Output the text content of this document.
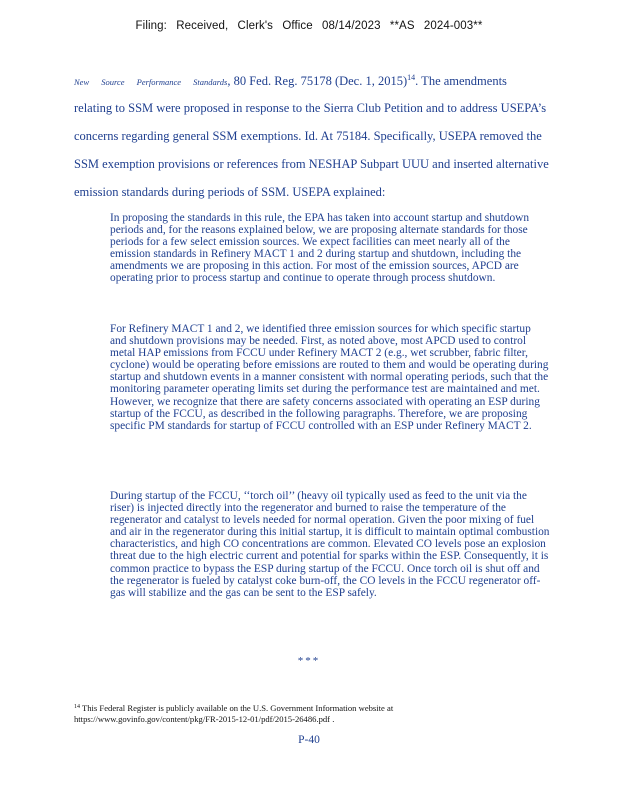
Filing: Received, Clerk's Office 08/14/2023 **AS 2024-003**
New Source Performance Standards, 80 Fed. Reg. 75178 (Dec. 1, 2015)$^{14}$. The amendments
relating to SSM were proposed in response to the Sierra Club Petition and to address USEPA’s
concerns regarding general SSM exemptions. Id. At 75184. Specifically, USEPA removed the
SSM exemption provisions or references from NESHAP Subpart UUU and inserted alternative
emission standards during periods of SSM. USEPA explained:

In proposing the standards in this rule, the EPA has taken into account startup and shutdown periods and, for the reasons explained below, we are proposing alternate standards for those periods for a few select emission sources. We expect facilities can meet nearly all of the emission standards in Refinery MACT 1 and 2 during startup and shutdown, including the amendments we are proposing in this action. For most of the emission sources, APCD are operating prior to process startup and continue to operate through process shutdown.

For Refinery MACT 1 and 2, we identified three emission sources for which specific startup and shutdown provisions may be needed. First, as noted above, most APCD used to control metal HAP emissions from FCCU under Refinery MACT 2 (e.g., wet scrubber, fabric filter, cyclone) would be operating before emissions are routed to them and would be operating during startup and shutdown events in a manner consistent with normal operating periods, such that the monitoring parameter operating limits set during the performance test are maintained and met. However, we recognize that there are safety concerns associated with operating an ESP during startup of the FCCU, as described in the following paragraphs. Therefore, we are proposing specific PM standards for startup of FCCU controlled with an ESP under Refinery MACT 2.

During startup of the FCCU, ‘‘torch oil’’ (heavy oil typically used as feed to the unit via the riser) is injected directly into the regenerator and burned to raise the temperature of the regenerator and catalyst to levels needed for normal operation. Given the poor mixing of fuel and air in the regenerator during this initial startup, it is difficult to maintain optimal combustion characteristics, and high CO concentrations are common. Elevated CO levels pose an explosion threat due to the high electric current and potential for sparks within the ESP. Consequently, it is common practice to bypass the ESP during startup of the FCCU. Once torch oil is shut off and the regenerator is fueled by catalyst coke burn-off, the CO levels in the FCCU regenerator off-gas will stabilize and the gas can be sent to the ESP safely.

***
$^{14}$ This Federal Register is publicly available on the U.S. Government Information website at
https://www.govinfo.gov/content/pkg/FR-2015-12-01/pdf/2015-26486.pdf .
P-40
